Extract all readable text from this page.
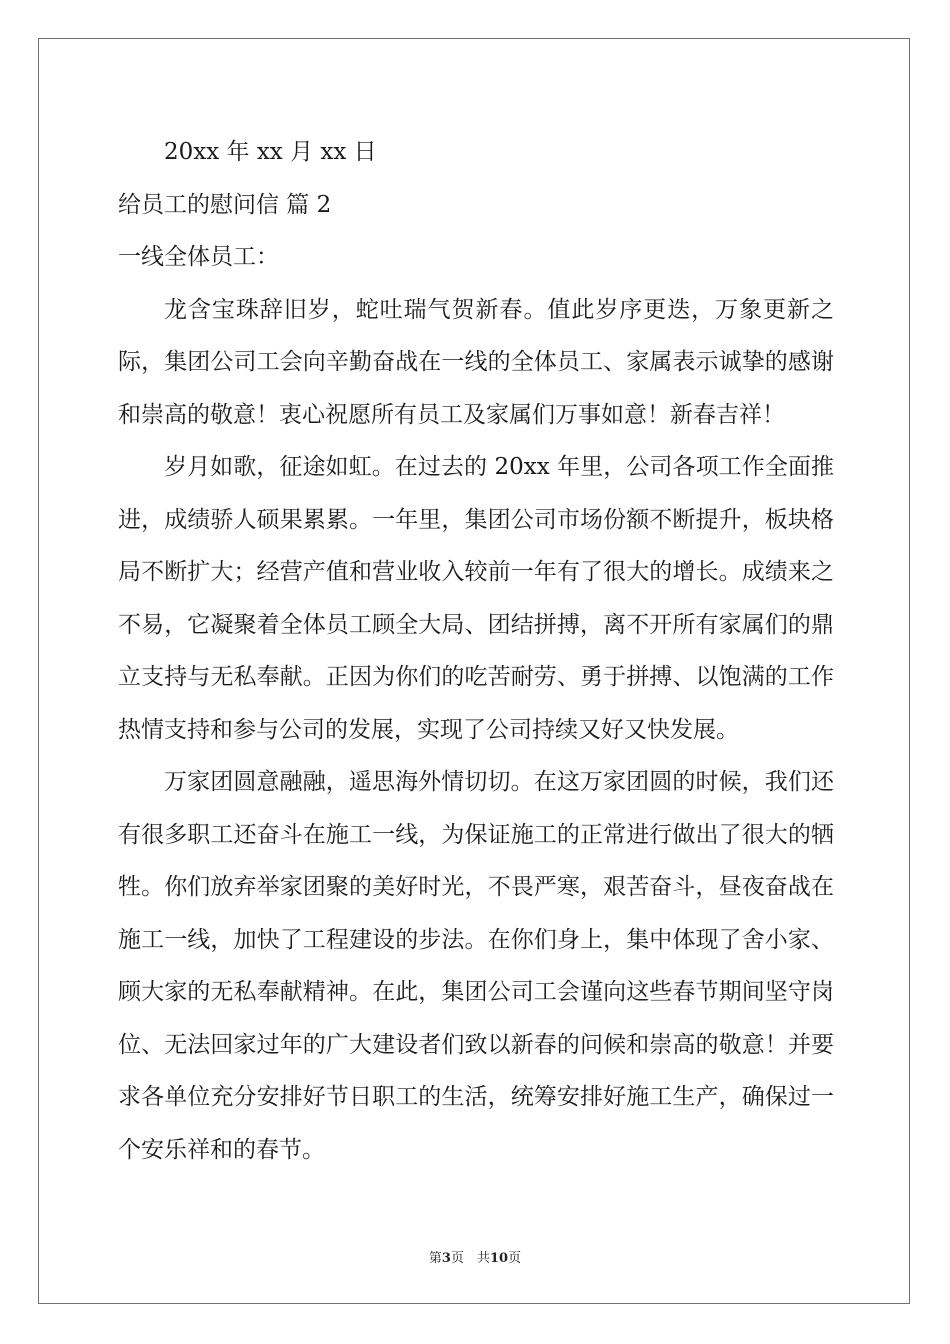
20xx 年 xx 月 xx 日

给员工的慰问信 篇 2

一线全体员工：

龙含宝珠辞旧岁，蛇吐瑞气贺新春。值此岁序更迭，万象更新之际，集团公司工会向辛勤奋战在一线的全体员工、家属表示诚挚的感谢和崇高的敬意！衷心祝愿所有员工及家属们万事如意！新春吉祥！

岁月如歌，征途如虹。在过去的 20xx 年里，公司各项工作全面推进，成绩骄人硕果累累。一年里，集团公司市场份额不断提升，板块格局不断扩大；经营产值和营业收入较前一年有了很大的增长。成绩来之不易，它凝聚着全体员工顾全大局、团结拼搏，离不开所有家属们的鼎立支持与无私奉献。正因为你们的吃苦耐劳、勇于拼搏、以饱满的工作热情支持和参与公司的发展，实现了公司持续又好又快发展。

万家团圆意融融，遥思海外情切切。在这万家团圆的时候，我们还有很多职工还奋斗在施工一线，为保证施工的正常进行做出了很大的牺牲。你们放弃举家团聚的美好时光，不畏严寒，艰苦奋斗，昼夜奋战在施工一线，加快了工程建设的步法。在你们身上，集中体现了舍小家、顾大家的无私奉献精神。在此，集团公司工会谨向这些春节期间坚守岗位、无法回家过年的广大建设者们致以新春的问候和崇高的敬意！并要求各单位充分安排好节日职工的生活，统筹安排好施工生产，确保过一个安乐祥和的春节。

第3页　共10页
